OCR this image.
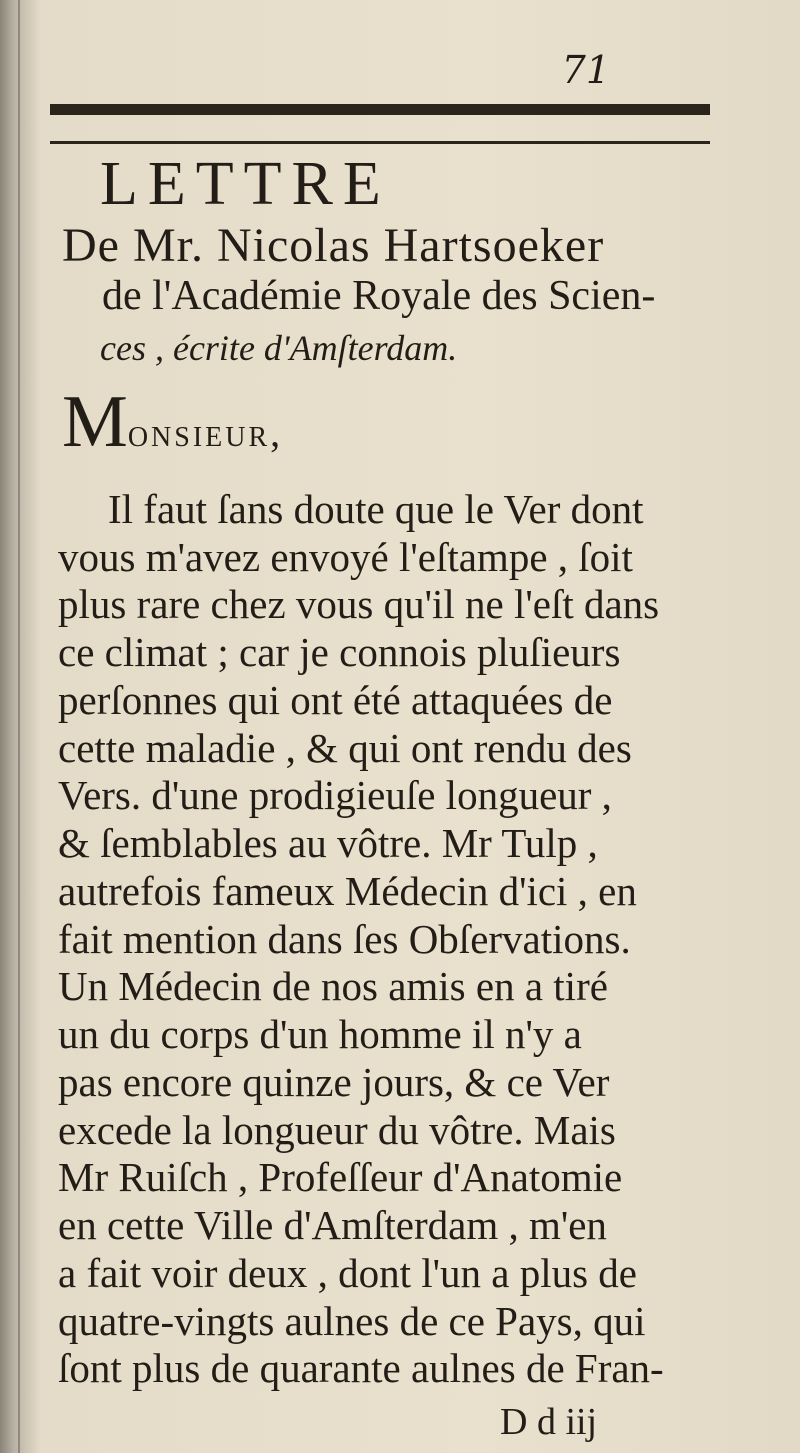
71
LETTRE
De Mr. Nicolas Hartsoeker
de l'Académie Royale des Scien-
ces , écrite d'Amſterdam.
Monsieur,
Il faut ſans doute que le Ver dont
vous m'avez envoyé l'eſtampe , ſoit
plus rare chez vous qu'il ne l'eſt dans
ce climat ; car je connois pluſieurs
perſonnes qui ont été attaquées de
cette maladie , & qui ont rendu des
Vers. d'une prodigieuſe longueur ,
& ſemblables au vôtre. Mr Tulp ,
autrefois fameux Médecin d'ici , en
fait mention dans ſes Obſervations.
Un Médecin de nos amis en a tiré
un du corps d'un homme il n'y a
pas encore quinze jours, & ce Ver
excede la longueur du vôtre. Mais
Mr Ruiſch , Profeſſeur d'Anatomie
en cette Ville d'Amſterdam , m'en
a fait voir deux , dont l'un a plus de
quatre-vingts aulnes de ce Pays, qui
ſont plus de quarante aulnes de Fran-
D d iij
